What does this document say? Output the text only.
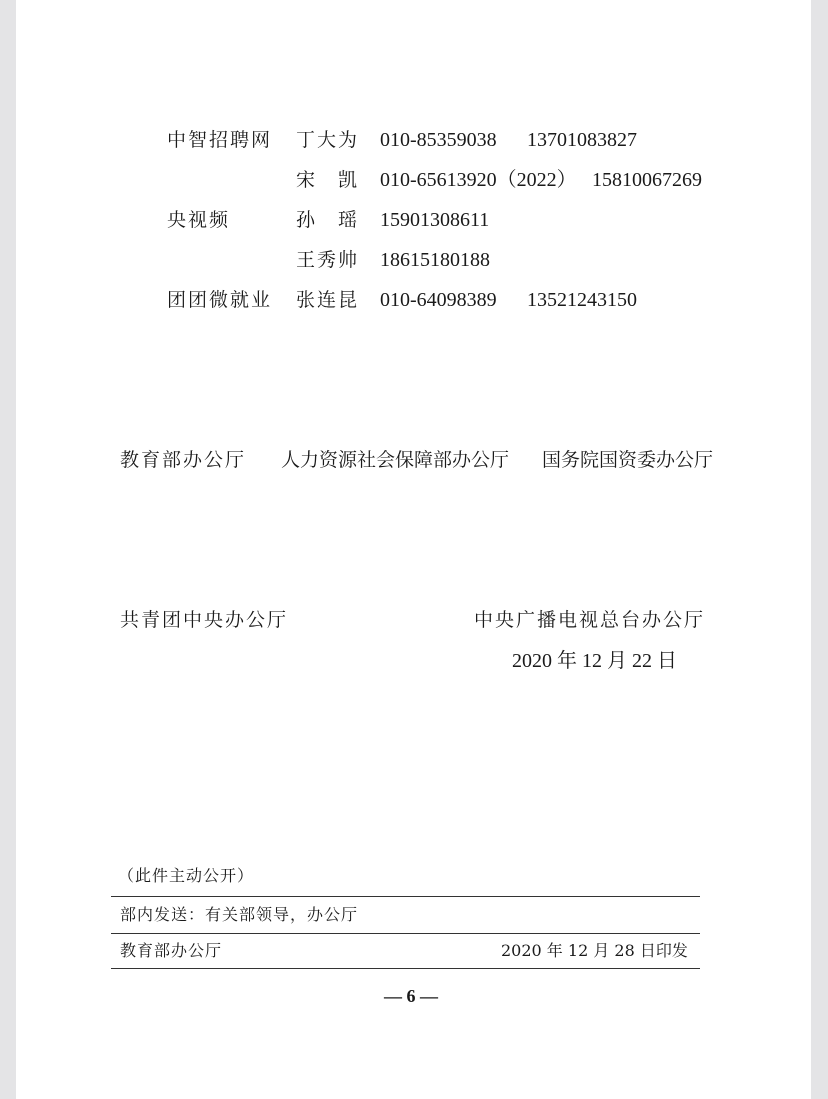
中智招聘网 丁大为 010-85359038 13701083827
宋　凯 010-65613920（2022） 15810067269
央视频	孙　瑶 15901308611
王秀帅 18615180188
团团微就业 张连昆 010-64098389 13521243150
教育部办公厅 人力资源社会保障部办公厅 国务院国资委办公厅
共青团中央办公厅	中央广播电视总台办公厅
2020 年 12 月 22 日
（此件主动公开）
部内发送：有关部领导，办公厅
教育部办公厅	2020 年 12 月 28 日印发
— 6 —
